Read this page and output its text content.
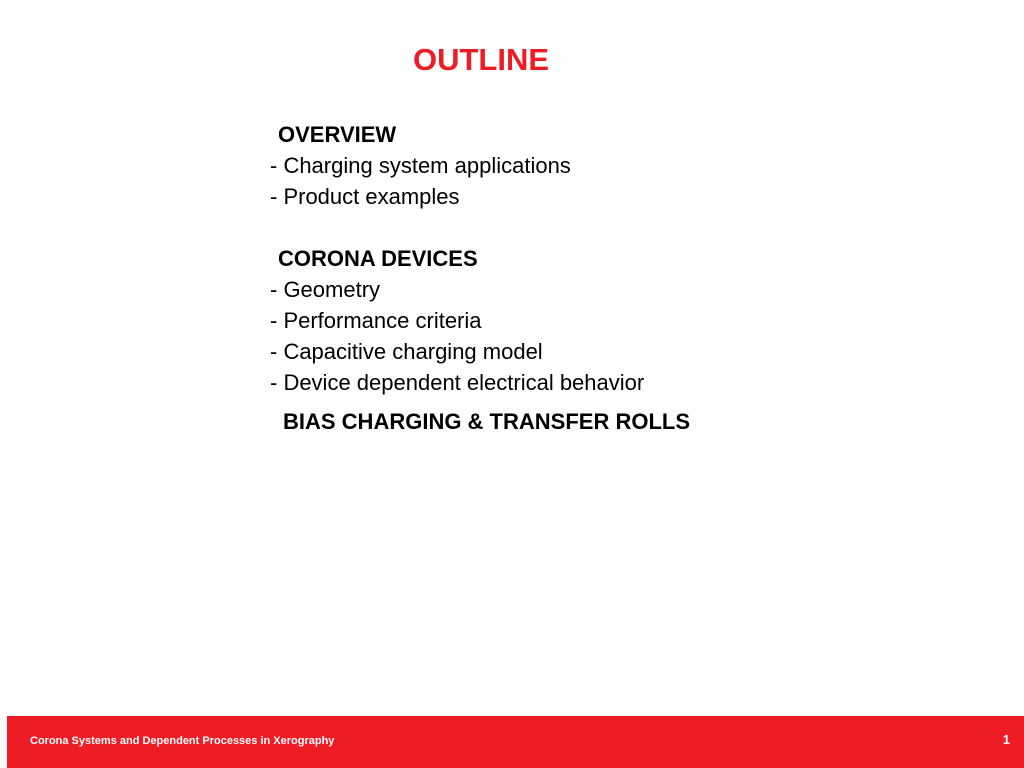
OUTLINE
OVERVIEW
- Charging system applications
- Product examples
CORONA DEVICES
- Geometry
- Performance criteria
- Capacitive charging model
- Device dependent electrical behavior
BIAS CHARGING & TRANSFER ROLLS
Corona Systems and Dependent Processes in Xerography	1
